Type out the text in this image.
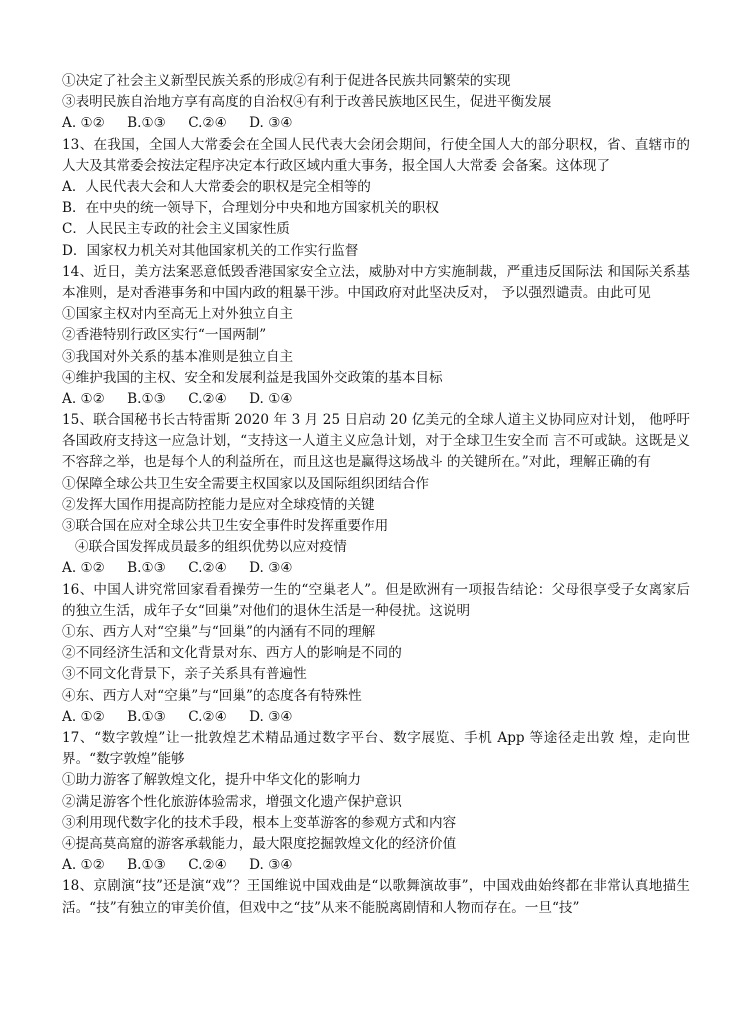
①决定了社会主义新型民族关系的形成②有利于促进各民族共同繁荣的实现
③表明民族自治地方享有高度的自治权④有利于改善民族地区民生，促进平衡发展
A. ①② B.①③ C.②④ D. ③④
13、在我国，全国人大常委会在全国人民代表大会闭会期间，行使全国人大的部分职权，省、直辖市的人大及其常委会按法定程序决定本行政区域内重大事务，报全国人大常委 会备案。这体现了
A．人民代表大会和人大常委会的职权是完全相等的
B．在中央的统一领导下，合理划分中央和地方国家机关的职权
C．人民民主专政的社会主义国家性质
D．国家权力机关对其他国家机关的工作实行监督
14、近日，美方法案恶意低毁香港国家安全立法，威胁对中方实施制裁，严重违反国际法 和国际关系基本准则，是对香港事务和中国内政的粗暴干涉。中国政府对此坚决反对， 予以强烈谴责。由此可见
①国家主权对内至高无上对外独立自主
②香港特别行政区实行“一国两制”
③我国对外关系的基本准则是独立自主
④维护我国的主权、安全和发展利益是我国外交政策的基本目标
A. ①② B.①③ C.②④ D. ①④
15、联合国秘书长古特雷斯 2020 年 3 月 25 日启动 20 亿美元的全球人道主义协同应对计划， 他呼吁各国政府支持这一应急计划，“支持这一人道主义应急计划，对于全球卫生安全而 言不可或缺。这既是义不容辞之举，也是每个人的利益所在，而且这也是赢得这场战斗 的关键所在。”对此，理解正确的有
①保障全球公共卫生安全需要主权国家以及国际组织团结合作
②发挥大国作用提高防控能力是应对全球疫情的关键
③联合国在应对全球公共卫生安全事件时发挥重要作用
④联合国发挥成员最多的组织优势以应对疫情
A. ①② B.①③ C.②④ D. ③④
16、中国人讲究常回家看看操劳一生的“空巢老人”。但是欧洲有一项报告结论：父母很享受子女离家后的独立生活，成年子女“回巢”对他们的退休生活是一种侵扰。这说明
①东、西方人对“空巢”与“回巢”的内涵有不同的理解
②不同经济生活和文化背景对东、西方人的影响是不同的
③不同文化背景下，亲子关系具有普遍性
④东、西方人对“空巢”与“回巢”的态度各有特殊性
A. ①② B.①③ C.②④ D. ③④
17、“数字敦煌”让一批敦煌艺术精品通过数字平台、数字展览、手机 App 等途径走出敦 煌，走向世界。“数字敦煌”能够
①助力游客了解敦煌文化，提升中华文化的影响力
②满足游客个性化旅游体验需求，增强文化遗产保护意识
③利用现代数字化的技术手段，根本上变革游客的参观方式和内容
④提高莫高窟的游客承载能力，最大限度挖掘敦煌文化的经济价值
A. ①② B.①③ C.②④ D. ③④
18、京剧演“技”还是演“戏”？王国维说中国戏曲是“以歌舞演故事”，中国戏曲始终都在非常认真地描生活。“技”有独立的审美价值，但戏中之“技”从来不能脱离剧情和人物而存在。一旦“技”
